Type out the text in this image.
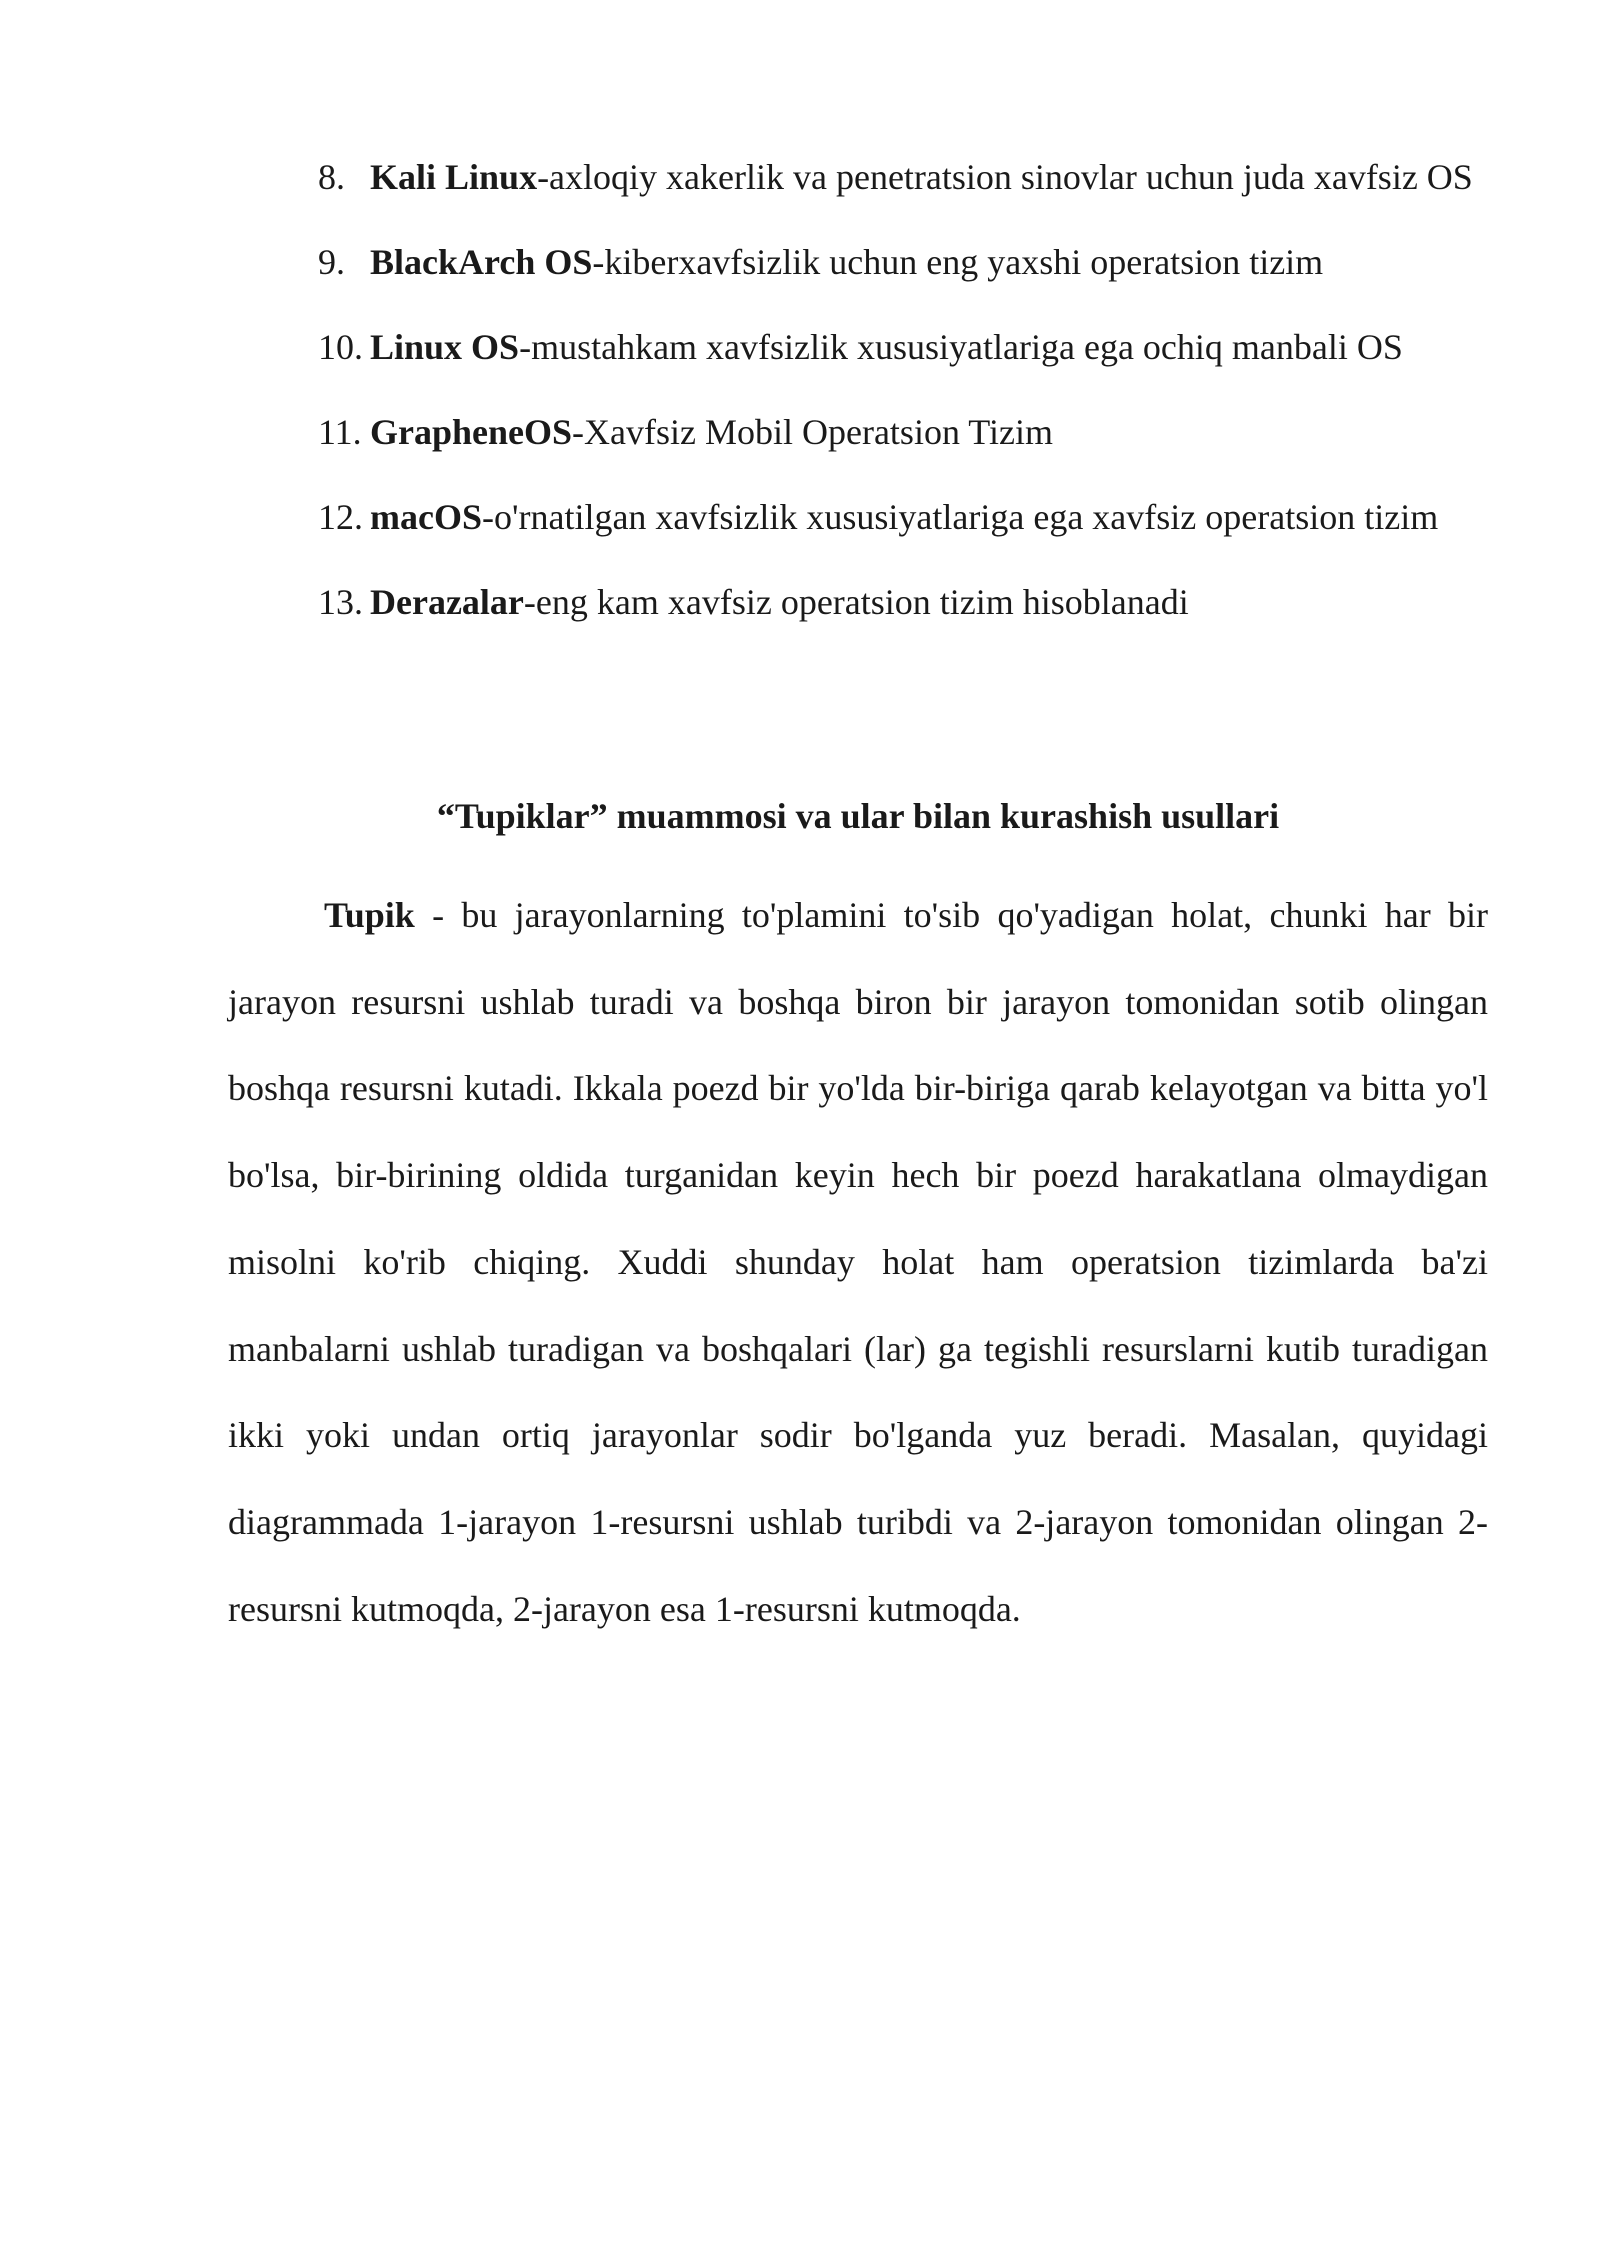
8. Kali Linux-axloqiy xakerlik va penetratsion sinovlar uchun juda xavfsiz OS
9. BlackArch OS-kiberxavfsizlik uchun eng yaxshi operatsion tizim
10. Linux OS-mustahkam xavfsizlik xususiyatlariga ega ochiq manbali OS
11. GrapheneOS-Xavfsiz Mobil Operatsion Tizim
12. macOS-o'rnatilgan xavfsizlik xususiyatlariga ega xavfsiz operatsion tizim
13. Derazalar-eng kam xavfsiz operatsion tizim hisoblanadi
“Tupiklar” muammosi va ular bilan kurashish usullari

Tupik - bu jarayonlarning to'plamini to'sib qo'yadigan holat, chunki har bir jarayon resursni ushlab turadi va boshqa biron bir jarayon tomonidan sotib olingan boshqa resursni kutadi. Ikkala poezd bir yo'lda bir-biriga qarab kelayotgan va bitta yo'l bo'lsa, bir-birining oldida turganidan keyin hech bir poezd harakatlana olmaydigan misolni ko'rib chiqing. Xuddi shunday holat ham operatsion tizimlarda ba'zi manbalarni ushlab turadigan va boshqalari (lar) ga tegishli resurslarni kutib turadigan ikki yoki undan ortiq jarayonlar sodir bo'lganda yuz beradi. Masalan, quyidagi diagrammada 1-jarayon 1-resursni ushlab turibdi va 2-jarayon tomonidan olingan 2-resursni kutmoqda, 2-jarayon esa 1-resursni kutmoqda.
